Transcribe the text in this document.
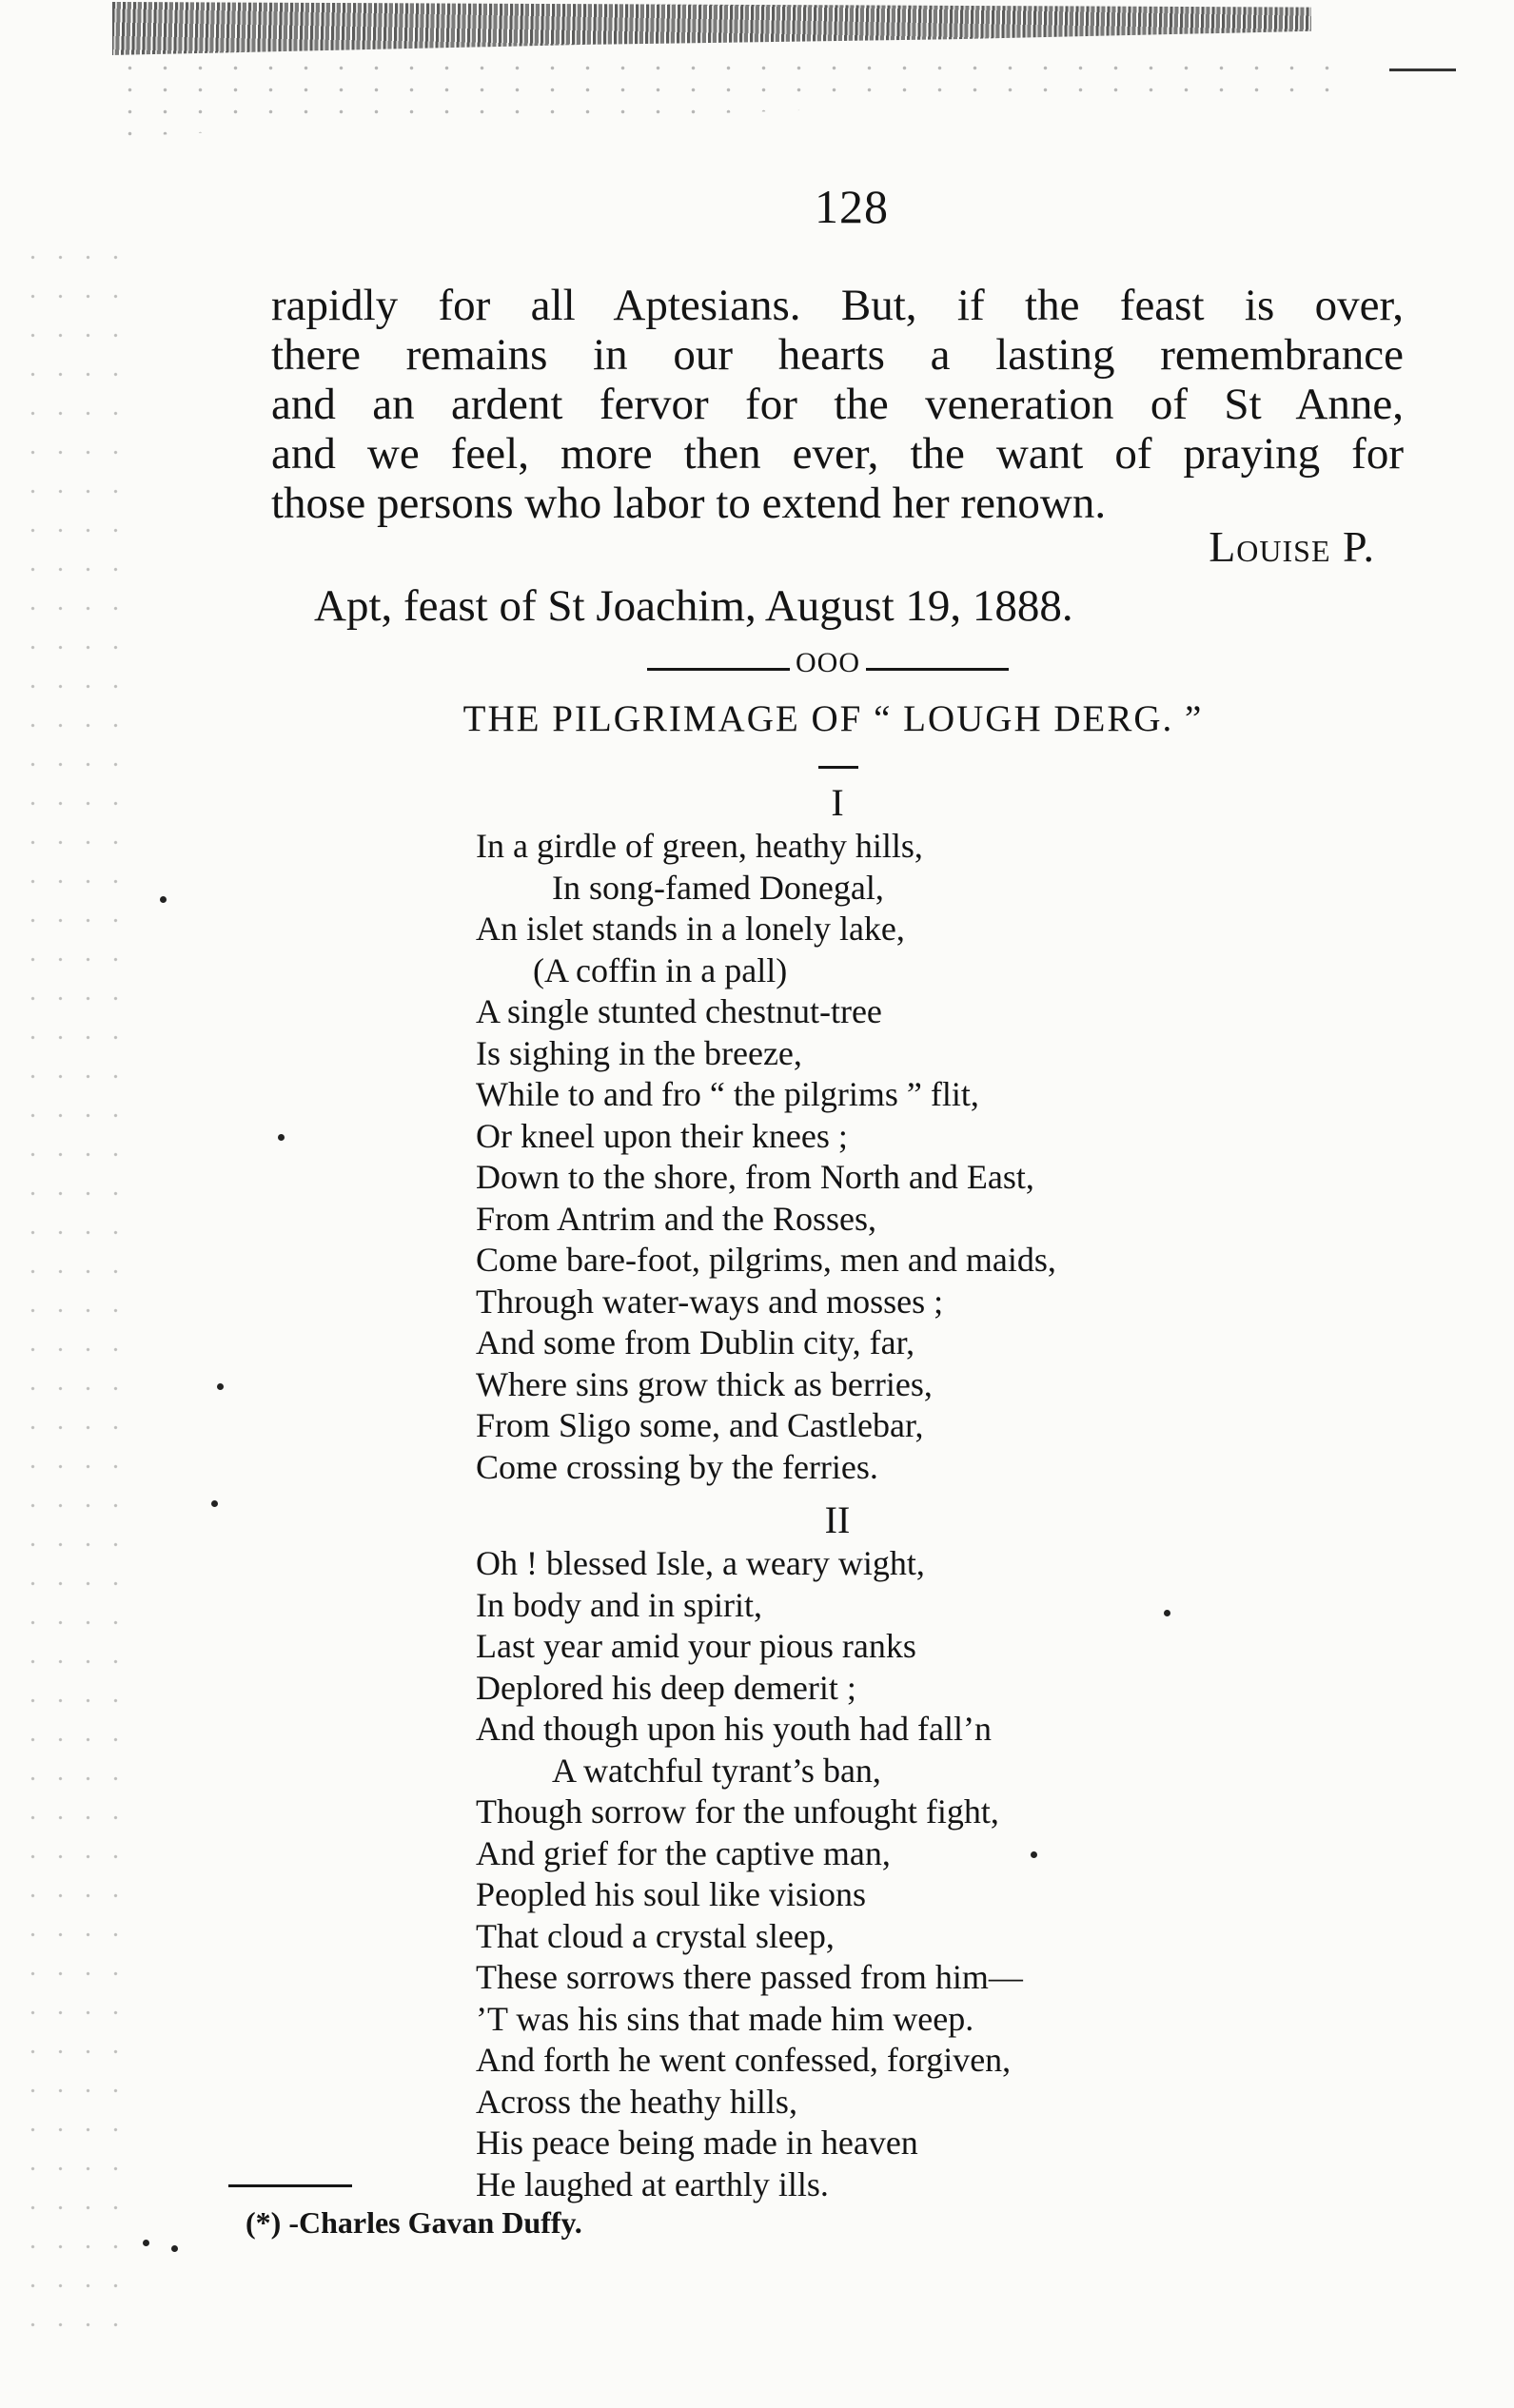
128
rapidly for all Aptesians. But, if the feast is over,
there remains in our hearts a lasting remembrance
and an ardent fervor for the veneration of St Anne,
and we feel, more then ever, the want of praying for
those persons who labor to extend her renown.
Louise P.
Apt, feast of St Joachim, August 19, 1888.
OOO
THE PILGRIMAGE OF “ LOUGH DERG. ”
I
In a girdle of green, heathy hills,
In song-famed Donegal,
An islet stands in a lonely lake,
(A coffin in a pall)
A single stunted chestnut-tree
Is sighing in the breeze,
While to and fro “ the pilgrims ” flit,
Or kneel upon their knees ;
Down to the shore, from North and East,
From Antrim and the Rosses,
Come bare-foot, pilgrims, men and maids,
Through water-ways and mosses ;
And some from Dublin city, far,
Where sins grow thick as berries,
From Sligo some, and Castlebar,
Come crossing by the ferries.
II
Oh ! blessed Isle, a weary wight,
In body and in spirit,
Last year amid your pious ranks
Deplored his deep demerit ;
And though upon his youth had fall’n
A watchful tyrant’s ban,
Though sorrow for the unfought fight,
And grief for the captive man,
Peopled his soul like visions
That cloud a crystal sleep,
These sorrows there passed from him—
’T was his sins that made him weep.
And forth he went confessed, forgiven,
Across the heathy hills,
His peace being made in heaven
He laughed at earthly ills.
(*) -Charles Gavan Duffy.
